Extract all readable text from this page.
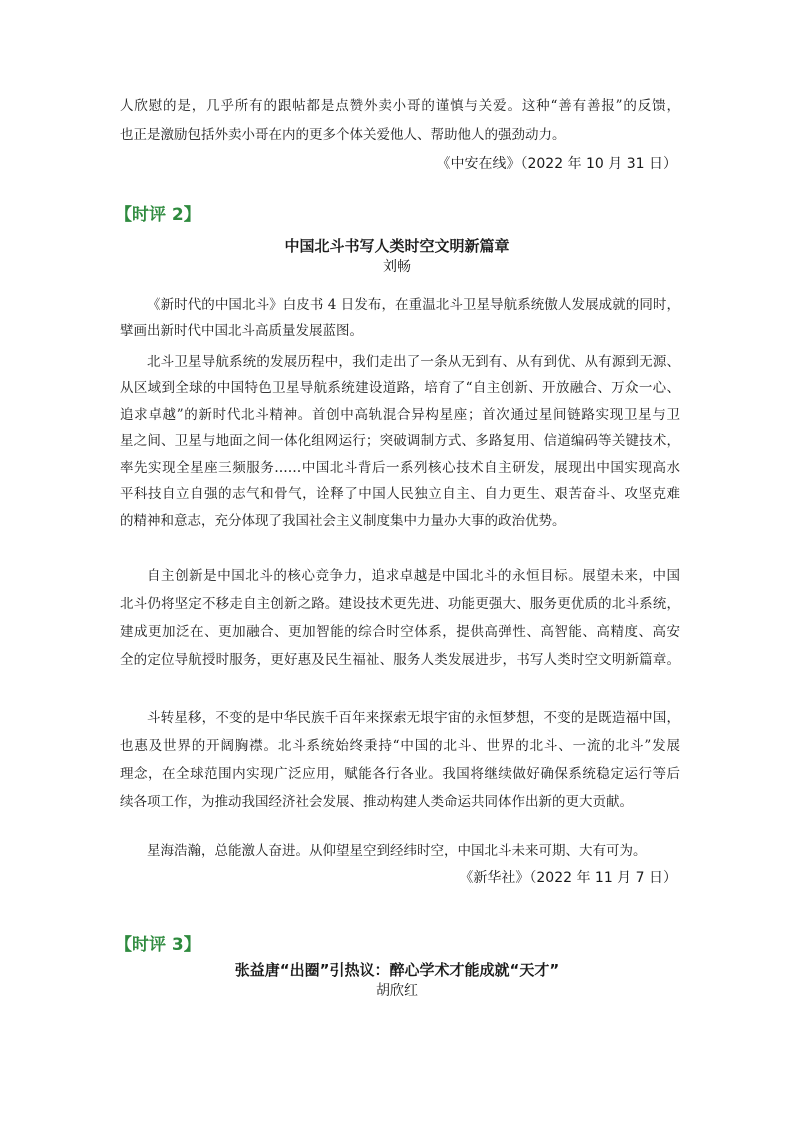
人欣慰的是，几乎所有的跟帖都是点赞外卖小哥的谨慎与关爱。这种“善有善报”的反馈，
也正是激励包括外卖小哥在内的更多个体关爱他人、帮助他人的强劲动力。
《中安在线》（2022 年 10 月 31 日）
【时评 2】
中国北斗书写人类时空文明新篇章
刘畅
《新时代的中国北斗》白皮书 4 日发布，在重温北斗卫星导航系统傲人发展成就的同时，
擘画出新时代中国北斗高质量发展蓝图。
北斗卫星导航系统的发展历程中，我们走出了一条从无到有、从有到优、从有源到无源、
从区域到全球的中国特色卫星导航系统建设道路，培育了“自主创新、开放融合、万众一心、
追求卓越”的新时代北斗精神。首创中高轨混合异构星座；首次通过星间链路实现卫星与卫
星之间、卫星与地面之间一体化组网运行；突破调制方式、多路复用、信道编码等关键技术，
率先实现全星座三频服务……中国北斗背后一系列核心技术自主研发，展现出中国实现高水
平科技自立自强的志气和骨气，诠释了中国人民独立自主、自力更生、艰苦奋斗、攻坚克难
的精神和意志，充分体现了我国社会主义制度集中力量办大事的政治优势。
自主创新是中国北斗的核心竞争力，追求卓越是中国北斗的永恒目标。展望未来，中国
北斗仍将坚定不移走自主创新之路。建设技术更先进、功能更强大、服务更优质的北斗系统，
建成更加泛在、更加融合、更加智能的综合时空体系，提供高弹性、高智能、高精度、高安
全的定位导航授时服务，更好惠及民生福祉、服务人类发展进步，书写人类时空文明新篇章。
斗转星移，不变的是中华民族千百年来探索无垠宇宙的永恒梦想，不变的是既造福中国，
也惠及世界的开阔胸襟。北斗系统始终秉持“中国的北斗、世界的北斗、一流的北斗”发展
理念，在全球范围内实现广泛应用，赋能各行各业。我国将继续做好确保系统稳定运行等后
续各项工作，为推动我国经济社会发展、推动构建人类命运共同体作出新的更大贡献。
星海浩瀚，总能激人奋进。从仰望星空到经纬时空，中国北斗未来可期、大有可为。
《新华社》（2022 年 11 月 7 日）
【时评 3】
张益唐“出圈”引热议：醉心学术才能成就“天才”
胡欣红
